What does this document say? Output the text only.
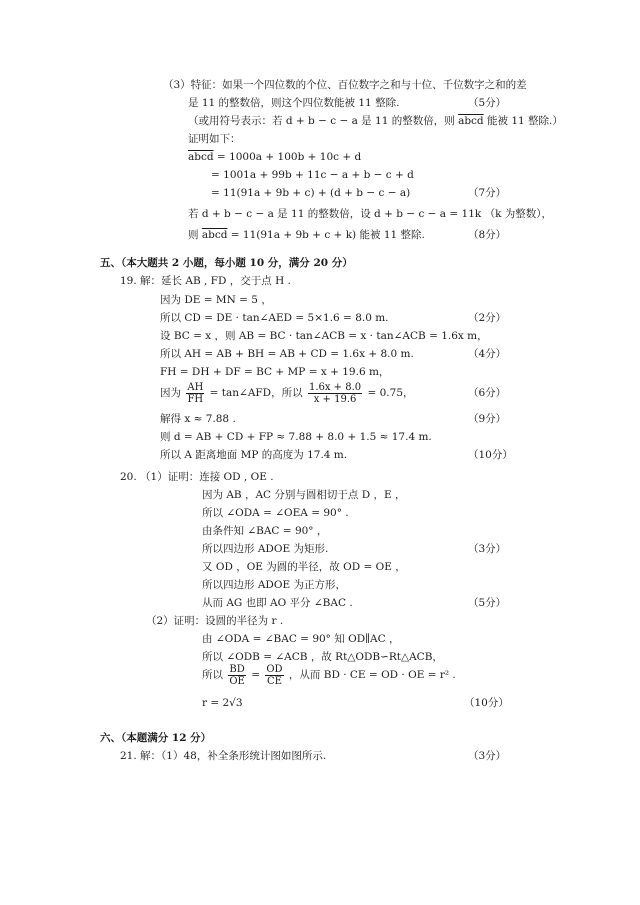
（3）特征：如果一个四位数的个位、百位数字之和与十位、千位数字之和的差
是 11 的整数倍，则这个四位数能被 11 整除.	（5分）
（或用符号表示：若 d + b − c − a 是 11 的整数倍，则 abcd 能被 11 整除.）
证明如下：
abcd = 1000a + 100b + 10c + d
= 1001a + 99b + 11c − a + b − c + d
= 11(91a + 9b + c) + (d + b − c − a)	（7分）
若 d + b − c − a 是 11 的整数倍，设 d + b − c − a = 11k （k 为整数），
则 abcd = 11(91a + 9b + c + k) 能被 11 整除.	（8分）
五、（本大题共 2 小题，每小题 10 分，满分 20 分）
19. 解：延长 AB , FD ，交于点 H .
因为 DE = MN = 5 ，
所以 CD = DE · tan∠AED = 5×1.6 = 8.0 m.	（2分）
设 BC = x ，则 AB = BC · tan∠ACB = x · tan∠ACB = 1.6x m，
所以 AH = AB + BH = AB + CD = 1.6x + 8.0 m.	（4分）
FH = DH + DF = BC + MP = x + 19.6 m，
因为 $\frac{AH}{FH}$ = tan∠AFD，所以 $\frac{1.6x + 8.0}{x + 19.6} = 0.75$，	（6分）
解得 x ≈ 7.88 .	（9分）
则 d = AB + CD + FP ≈ 7.88 + 8.0 + 1.5 ≈ 17.4 m.
所以 A 距离地面 MP 的高度为 17.4 m.	（10分）
20. （1）证明：连接 OD , OE .
因为 AB ，AC 分别与圆相切于点 D ，E ，
所以 ∠ODA = ∠OEA = 90° .
由条件知 ∠BAC = 90° ，
所以四边形 ADOE 为矩形.	（3分）
又 OD ，OE 为圆的半径，故 OD = OE ，
所以四边形 ADOE 为正方形，
从而 AG 也即 AO 平分 ∠BAC .	（5分）
（2）证明：设圆的半径为 r .
由 ∠ODA = ∠BAC = 90° 知 OD∥AC ，
所以 ∠ODB = ∠ACB ，故 Rt△ODB∽Rt△ACB，
所以 $\frac{BD}{OE} = \frac{OD}{CE}$ ，从而 BD · CE = OD · OE = r² .
r = 2√3	（10分）
六、（本题满分 12 分）
21. 解：（1）48，补全条形统计图如图所示.	（3分）
